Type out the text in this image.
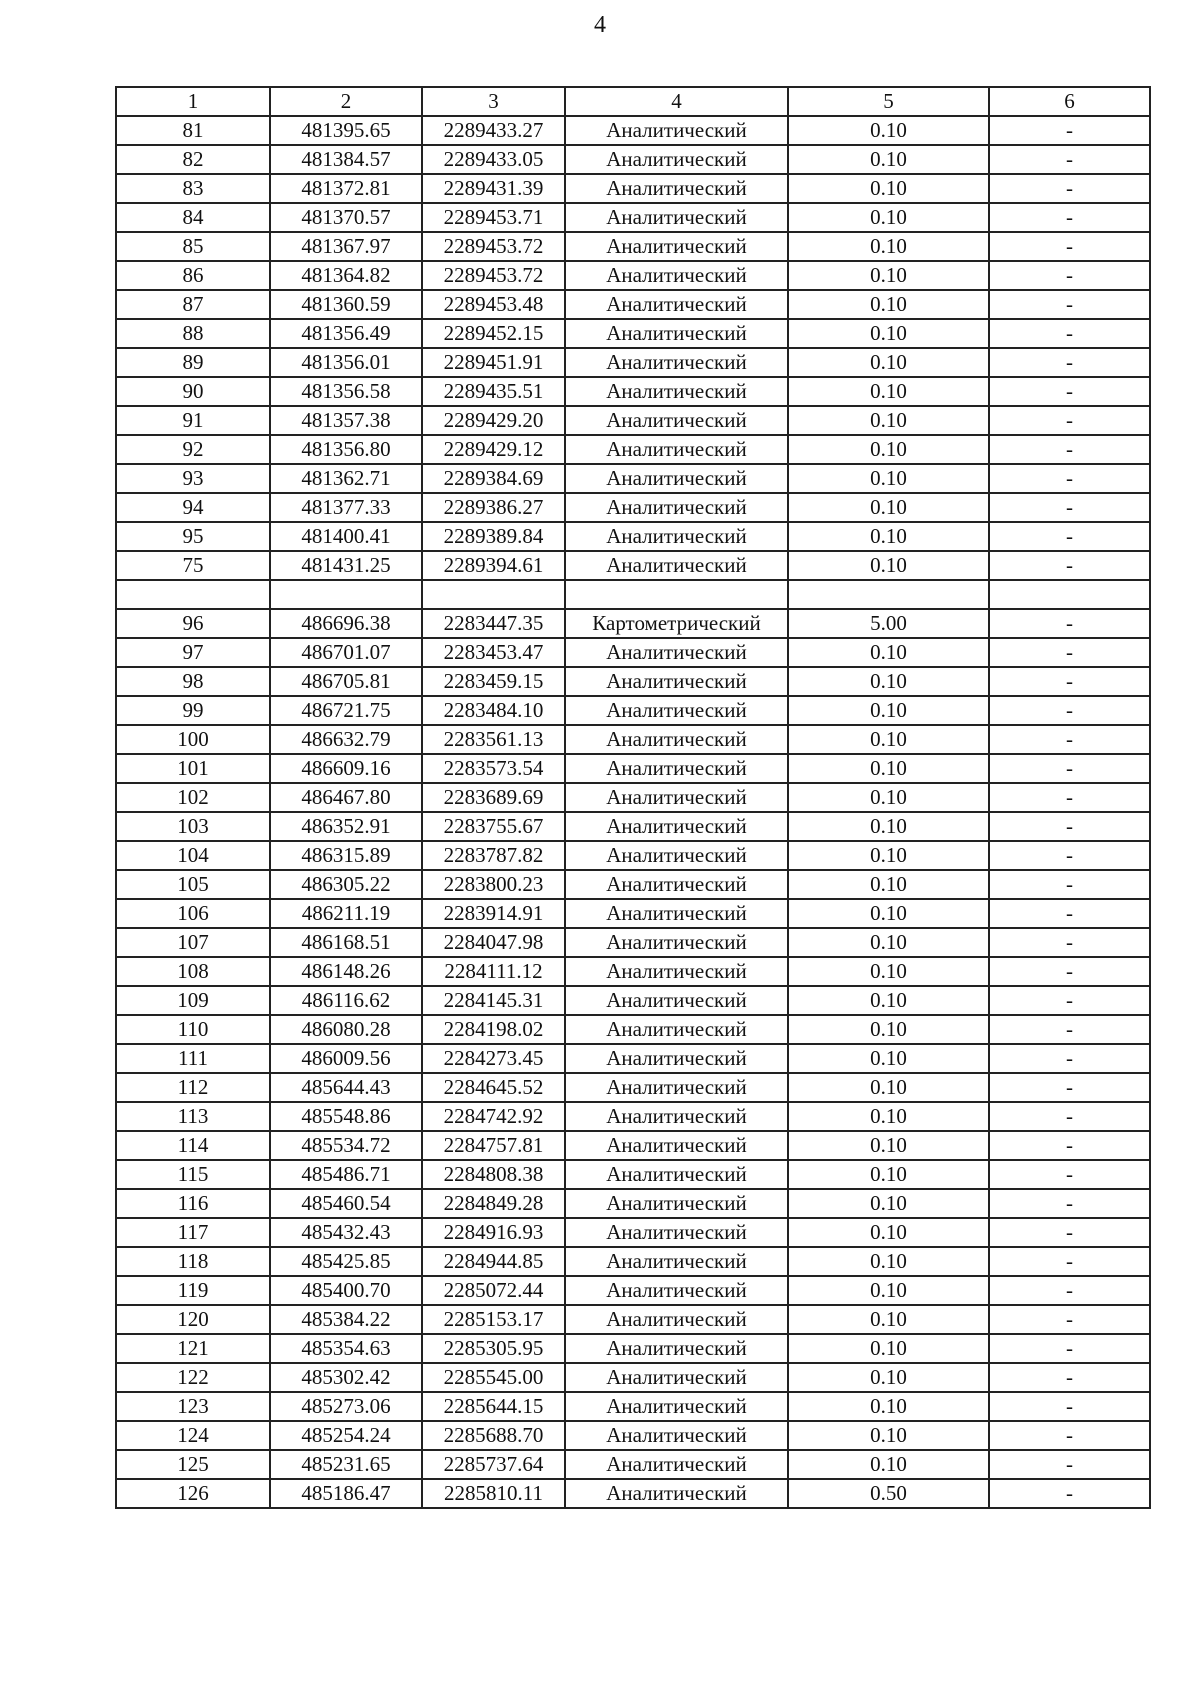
4
1	2	3	4	5	6
81	481395.65	2289433.27	Аналитический	0.10	-
82	481384.57	2289433.05	Аналитический	0.10	-
83	481372.81	2289431.39	Аналитический	0.10	-
84	481370.57	2289453.71	Аналитический	0.10	-
85	481367.97	2289453.72	Аналитический	0.10	-
86	481364.82	2289453.72	Аналитический	0.10	-
87	481360.59	2289453.48	Аналитический	0.10	-
88	481356.49	2289452.15	Аналитический	0.10	-
89	481356.01	2289451.91	Аналитический	0.10	-
90	481356.58	2289435.51	Аналитический	0.10	-
91	481357.38	2289429.20	Аналитический	0.10	-
92	481356.80	2289429.12	Аналитический	0.10	-
93	481362.71	2289384.69	Аналитический	0.10	-
94	481377.33	2289386.27	Аналитический	0.10	-
95	481400.41	2289389.84	Аналитический	0.10	-
75	481431.25	2289394.61	Аналитический	0.10	-

96	486696.38	2283447.35	Картометрический	5.00	-
97	486701.07	2283453.47	Аналитический	0.10	-
98	486705.81	2283459.15	Аналитический	0.10	-
99	486721.75	2283484.10	Аналитический	0.10	-
100	486632.79	2283561.13	Аналитический	0.10	-
101	486609.16	2283573.54	Аналитический	0.10	-
102	486467.80	2283689.69	Аналитический	0.10	-
103	486352.91	2283755.67	Аналитический	0.10	-
104	486315.89	2283787.82	Аналитический	0.10	-
105	486305.22	2283800.23	Аналитический	0.10	-
106	486211.19	2283914.91	Аналитический	0.10	-
107	486168.51	2284047.98	Аналитический	0.10	-
108	486148.26	2284111.12	Аналитический	0.10	-
109	486116.62	2284145.31	Аналитический	0.10	-
110	486080.28	2284198.02	Аналитический	0.10	-
111	486009.56	2284273.45	Аналитический	0.10	-
112	485644.43	2284645.52	Аналитический	0.10	-
113	485548.86	2284742.92	Аналитический	0.10	-
114	485534.72	2284757.81	Аналитический	0.10	-
115	485486.71	2284808.38	Аналитический	0.10	-
116	485460.54	2284849.28	Аналитический	0.10	-
117	485432.43	2284916.93	Аналитический	0.10	-
118	485425.85	2284944.85	Аналитический	0.10	-
119	485400.70	2285072.44	Аналитический	0.10	-
120	485384.22	2285153.17	Аналитический	0.10	-
121	485354.63	2285305.95	Аналитический	0.10	-
122	485302.42	2285545.00	Аналитический	0.10	-
123	485273.06	2285644.15	Аналитический	0.10	-
124	485254.24	2285688.70	Аналитический	0.10	-
125	485231.65	2285737.64	Аналитический	0.10	-
126	485186.47	2285810.11	Аналитический	0.50	-
